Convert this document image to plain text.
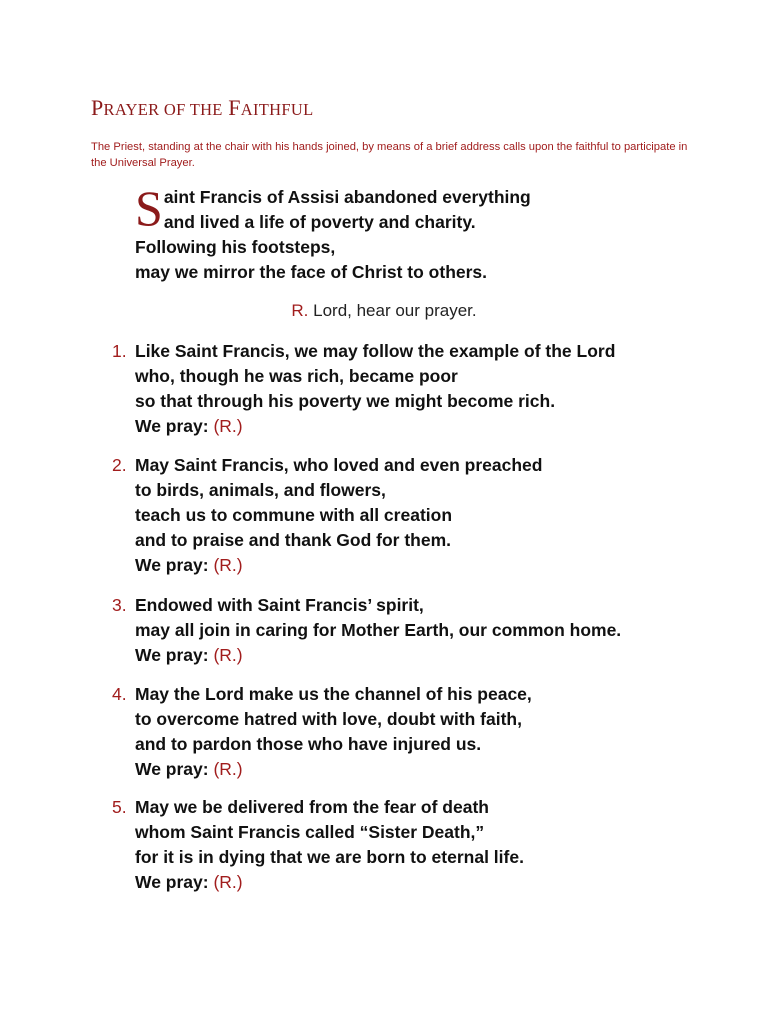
PRAYER OF THE FAITHFUL

The Priest, standing at the chair with his hands joined, by means of a brief address calls upon the faithful to participate in the Universal Prayer.

S aint Francis of Assisi abandoned everything
and lived a life of poverty and charity.
Following his footsteps,
may we mirror the face of Christ to others.
R. Lord, hear our prayer.
1. Like Saint Francis, we may follow the example of the Lord
who, though he was rich, became poor
so that through his poverty we might become rich.
We pray: (R.)
2. May Saint Francis, who loved and even preached
to birds, animals, and flowers,
teach us to commune with all creation
and to praise and thank God for them.
We pray: (R.)
3. Endowed with Saint Francis’ spirit,
may all join in caring for Mother Earth, our common home.
We pray: (R.)
4. May the Lord make us the channel of his peace,
to overcome hatred with love, doubt with faith,
and to pardon those who have injured us.
We pray: (R.)
5. May we be delivered from the fear of death
whom Saint Francis called “Sister Death,”
for it is in dying that we are born to eternal life.
We pray: (R.)
